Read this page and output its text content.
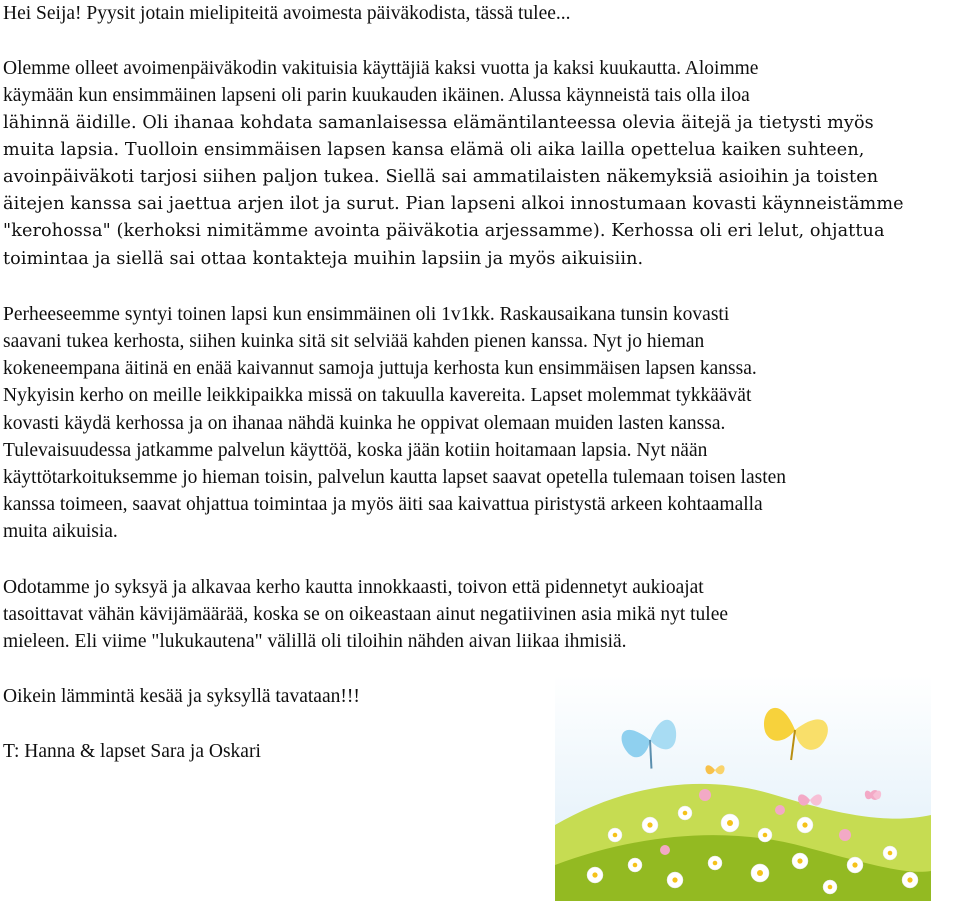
Hei Seija! Pyysit jotain mielipiteitä avoimesta päiväkodista, tässä tulee...
Olemme olleet avoimenpäiväkodin vakituisia käyttäjiä kaksi vuotta ja kaksi kuukautta. Aloimme
käymään kun ensimmäinen lapseni oli parin kuukauden ikäinen. Alussa käynneistä tais olla iloa
lähinnä äidille. Oli ihanaa kohdata samanlaisessa elämäntilanteessa olevia äitejä ja tietysti myös
muita lapsia. Tuolloin ensimmäisen lapsen kansa elämä oli aika lailla opettelua kaiken suhteen,
avoinpäiväkoti tarjosi siihen paljon tukea. Siellä sai ammatilaisten näkemyksiä asioihin ja toisten
äitejen kanssa sai jaettua arjen ilot ja surut. Pian lapseni alkoi innostumaan kovasti käynneistämme
"kerohossa" (kerhoksi nimitämme avointa päiväkotia arjessamme). Kerhossa oli eri lelut, ohjattua
toimintaa ja siellä sai ottaa kontakteja muihin lapsiin ja myös aikuisiin.
Perheeseemme syntyi toinen lapsi kun ensimmäinen oli 1v1kk. Raskausaikana tunsin kovasti
saavani tukea kerhosta, siihen kuinka sitä sit selviää kahden pienen kanssa. Nyt jo hieman
kokeneempana äitinä en enää kaivannut samoja juttuja kerhosta kun ensimmäisen lapsen kanssa.
Nykyisin kerho on meille leikkipaikka missä on takuulla kavereita. Lapset molemmat tykkäävät
kovasti käydä kerhossa ja on ihanaa nähdä kuinka he oppivat olemaan muiden lasten kanssa.
Tulevaisuudessa jatkamme palvelun käyttöä, koska jään kotiin hoitamaan lapsia. Nyt nään
käyttötarkoituksemme jo hieman toisin, palvelun kautta lapset saavat opetella tulemaan toisen lasten
kanssa toimeen, saavat ohjattua toimintaa ja myös äiti saa kaivattua piristystä arkeen kohtaamalla
muita aikuisia.
Odotamme jo syksyä ja alkavaa kerho kautta innokkaasti, toivon että pidennetyt aukioajat
tasoittavat vähän kävijämäärää, koska se on oikeastaan ainut negatiivinen asia mikä nyt tulee
mieleen. Eli viime "lukukautena" välillä oli tiloihin nähden aivan liikaa ihmisiä.
Oikein lämmintä kesää ja syksyllä tavataan!!!
T: Hanna & lapset Sara ja Oskari
